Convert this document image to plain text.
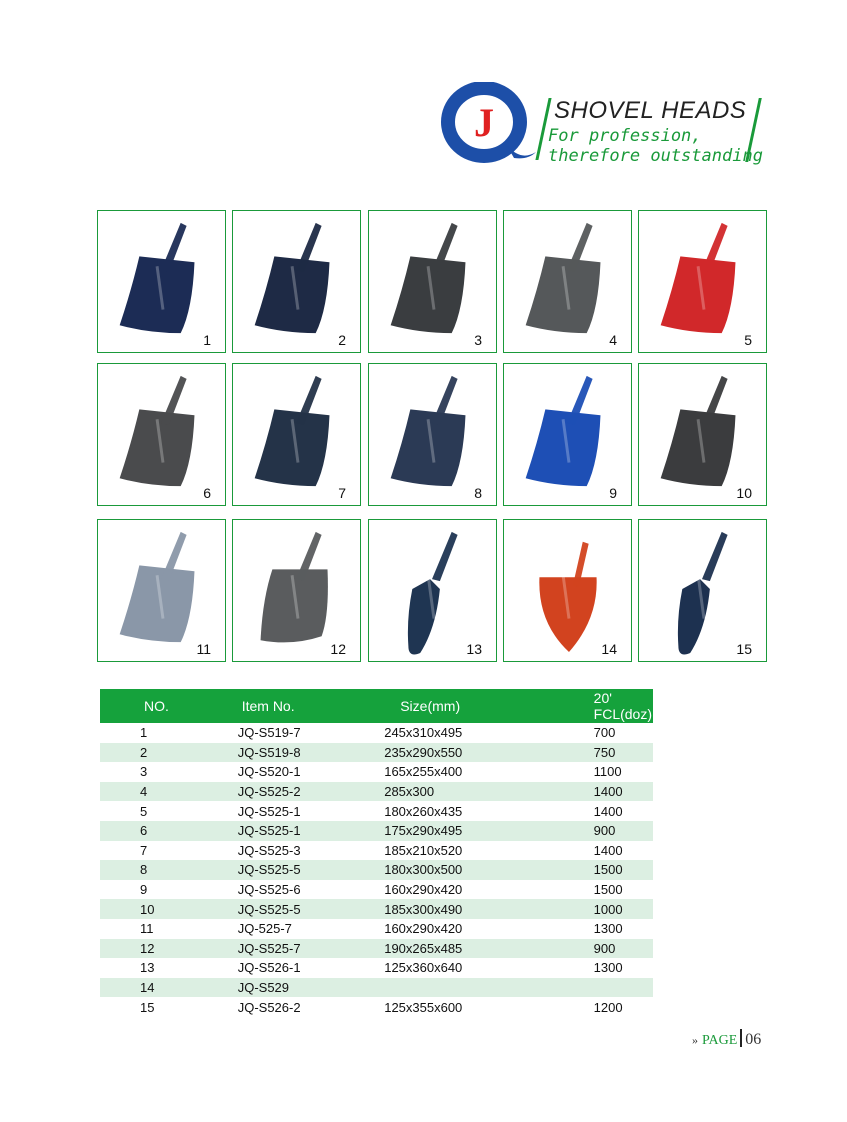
J	SHOVEL HEADS
For profession,
therefore outstanding
1	2	3	4	5
6	7	8	9	10
11	12	13	14	15
NO.	Item No.	Size(mm)	20' FCL(doz)
1	JQ-S519-7	245x310x495	700
2	JQ-S519-8	235x290x550	750
3	JQ-S520-1	165x255x400	1100
4	JQ-S525-2	285x300	1400
5	JQ-S525-1	180x260x435	1400
6	JQ-S525-1	175x290x495	900
7	JQ-S525-3	185x210x520	1400
8	JQ-S525-5	180x300x500	1500
9	JQ-S525-6	160x290x420	1500
10	JQ-S525-5	185x300x490	1000
11	JQ-525-7	160x290x420	1300
12	JQ-S525-7	190x265x485	900
13	JQ-S526-1	125x360x640	1300
14	JQ-S529		
15	JQ-S526-2	125x355x600	1200
» PAGE 06
